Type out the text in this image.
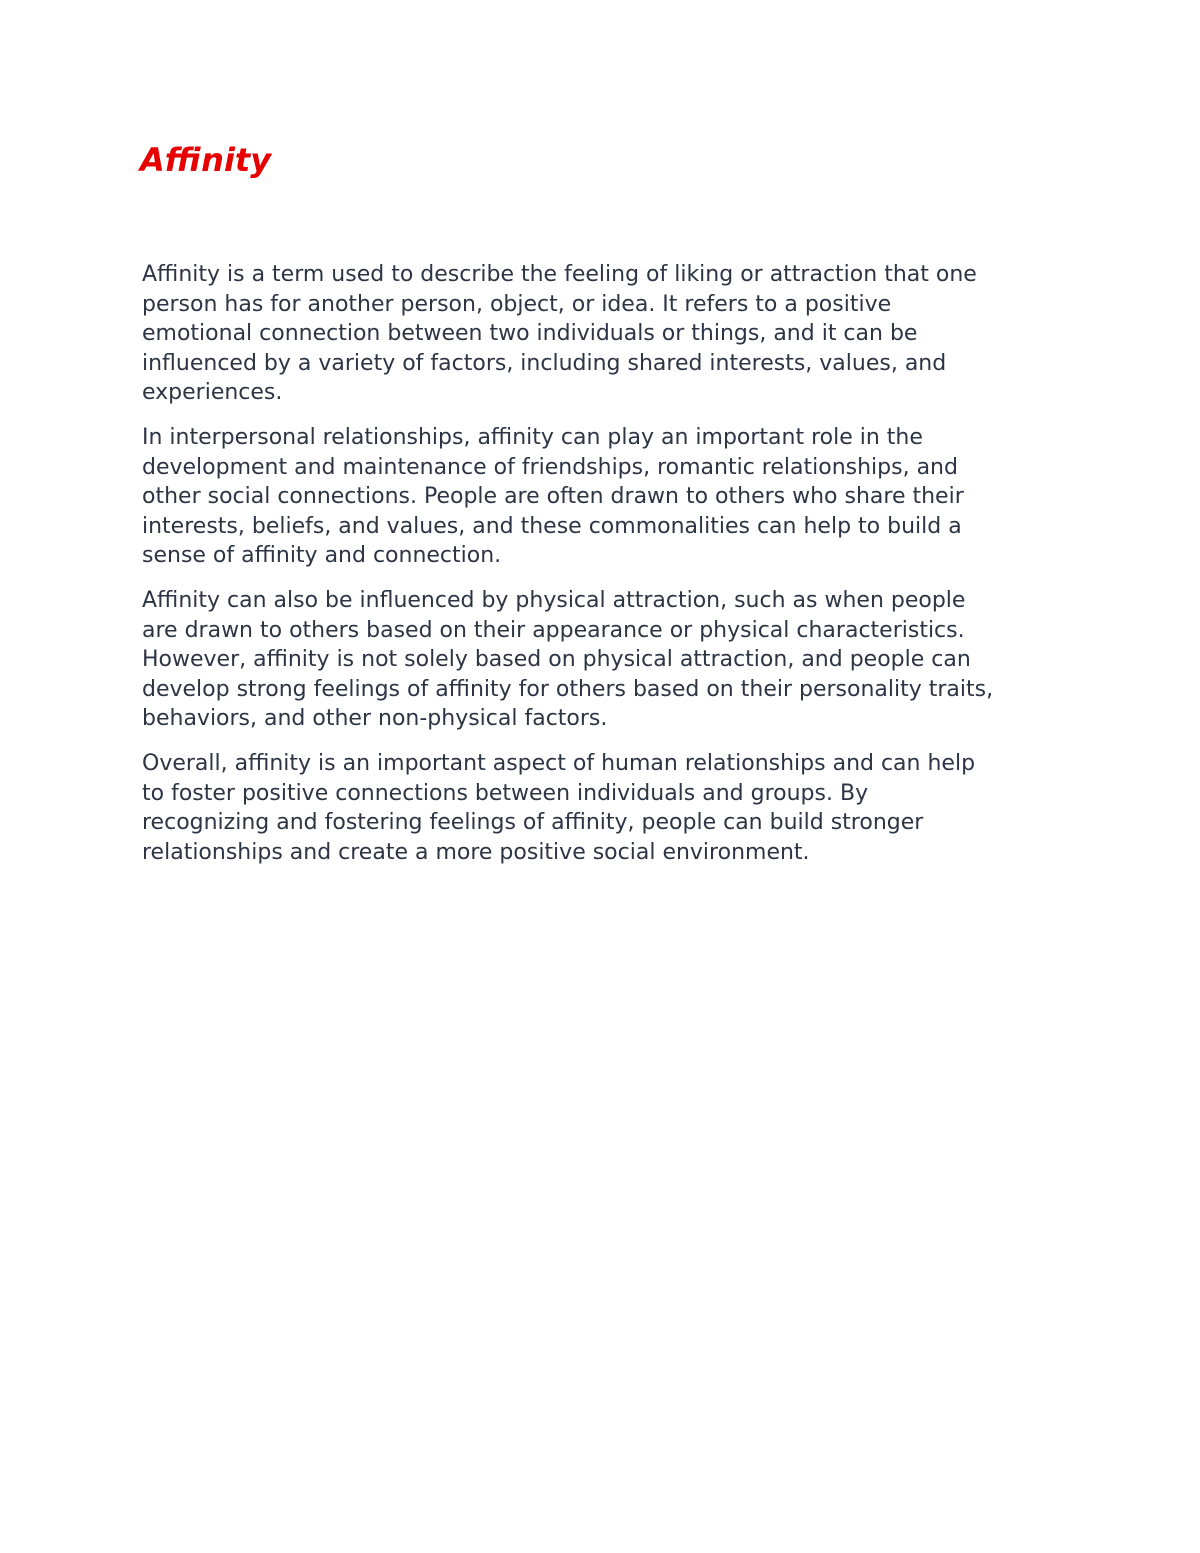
Affinity

Affinity is a term used to describe the feeling of liking or attraction that one
person has for another person, object, or idea. It refers to a positive
emotional connection between two individuals or things, and it can be
influenced by a variety of factors, including shared interests, values, and
experiences.

In interpersonal relationships, affinity can play an important role in the
development and maintenance of friendships, romantic relationships, and
other social connections. People are often drawn to others who share their
interests, beliefs, and values, and these commonalities can help to build a
sense of affinity and connection.

Affinity can also be influenced by physical attraction, such as when people
are drawn to others based on their appearance or physical characteristics.
However, affinity is not solely based on physical attraction, and people can
develop strong feelings of affinity for others based on their personality traits,
behaviors, and other non-physical factors.

Overall, affinity is an important aspect of human relationships and can help
to foster positive connections between individuals and groups. By
recognizing and fostering feelings of affinity, people can build stronger
relationships and create a more positive social environment.
